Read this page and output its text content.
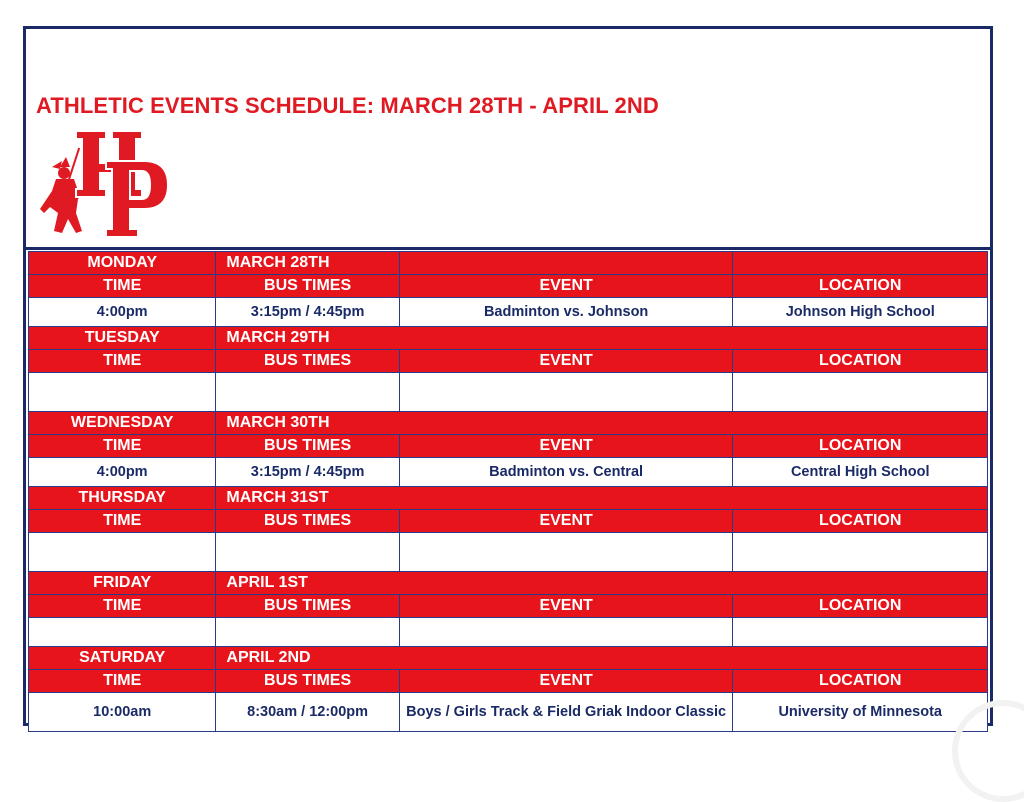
ATHLETIC EVENTS SCHEDULE: MARCH 28TH - APRIL 2ND
MONDAY	MARCH 28TH		
TIME	BUS TIMES	EVENT	LOCATION
4:00pm	3:15pm / 4:45pm	Badminton vs. Johnson	Johnson High School
TUESDAY	MARCH 29TH		
TIME	BUS TIMES	EVENT	LOCATION

WEDNESDAY	MARCH 30TH		
TIME	BUS TIMES	EVENT	LOCATION
4:00pm	3:15pm / 4:45pm	Badminton vs. Central	Central High School
THURSDAY	MARCH 31ST		
TIME	BUS TIMES	EVENT	LOCATION

FRIDAY	APRIL 1ST		
TIME	BUS TIMES	EVENT	LOCATION

SATURDAY	APRIL 2ND		
TIME	BUS TIMES	EVENT	LOCATION
10:00am	8:30am / 12:00pm	Boys / Girls Track & Field Griak Indoor Classic	University of Minnesota
